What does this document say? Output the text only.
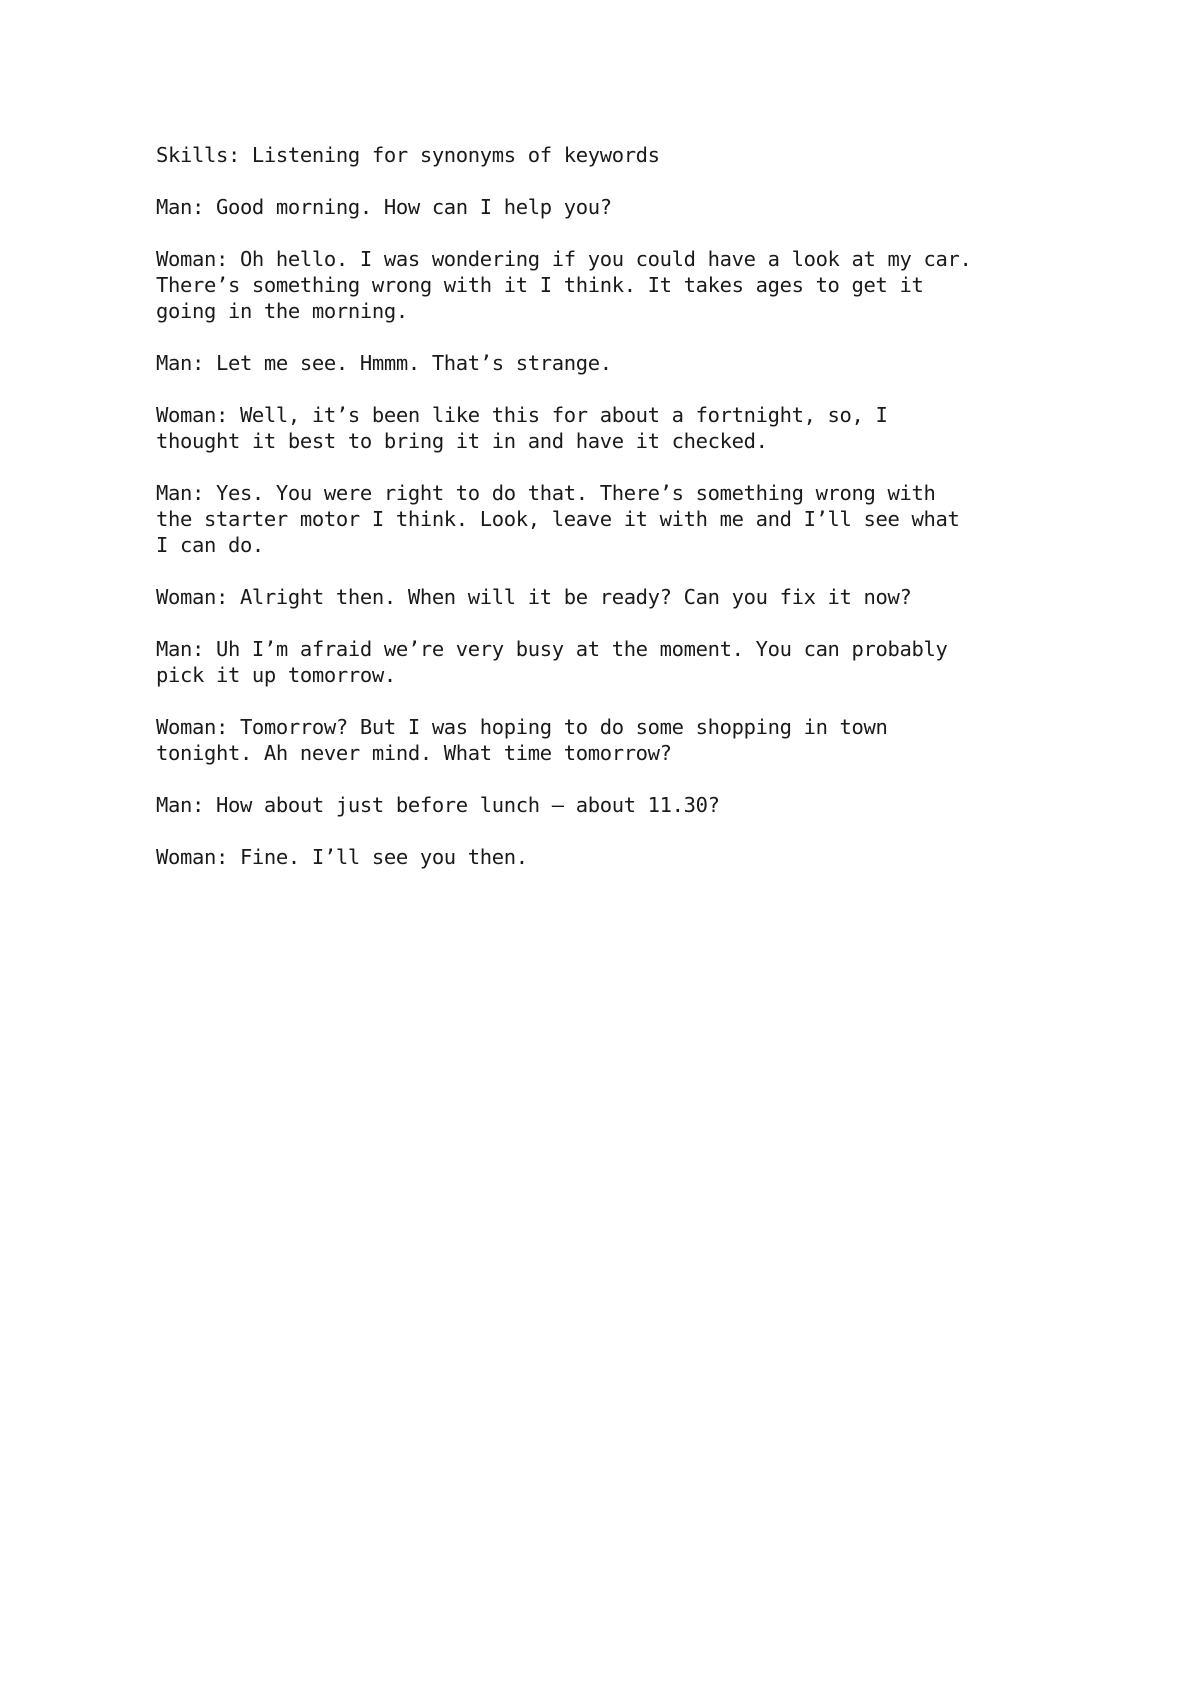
Skills: Listening for synonyms of keywords

Man: Good morning. How can I help you?

Woman: Oh hello. I was wondering if you could have a look at my car.
There’s something wrong with it I think. It takes ages to get it
going in the morning.

Man: Let me see. Hmmm. That’s strange.

Woman: Well, it’s been like this for about a fortnight, so, I
thought it best to bring it in and have it checked.

Man: Yes. You were right to do that. There’s something wrong with
the starter motor I think. Look, leave it with me and I’ll see what
I can do.

Woman: Alright then. When will it be ready? Can you fix it now?

Man: Uh I’m afraid we’re very busy at the moment. You can probably
pick it up tomorrow.

Woman: Tomorrow? But I was hoping to do some shopping in town
tonight. Ah never mind. What time tomorrow?

Man: How about just before lunch – about 11.30?

Woman: Fine. I’ll see you then.
